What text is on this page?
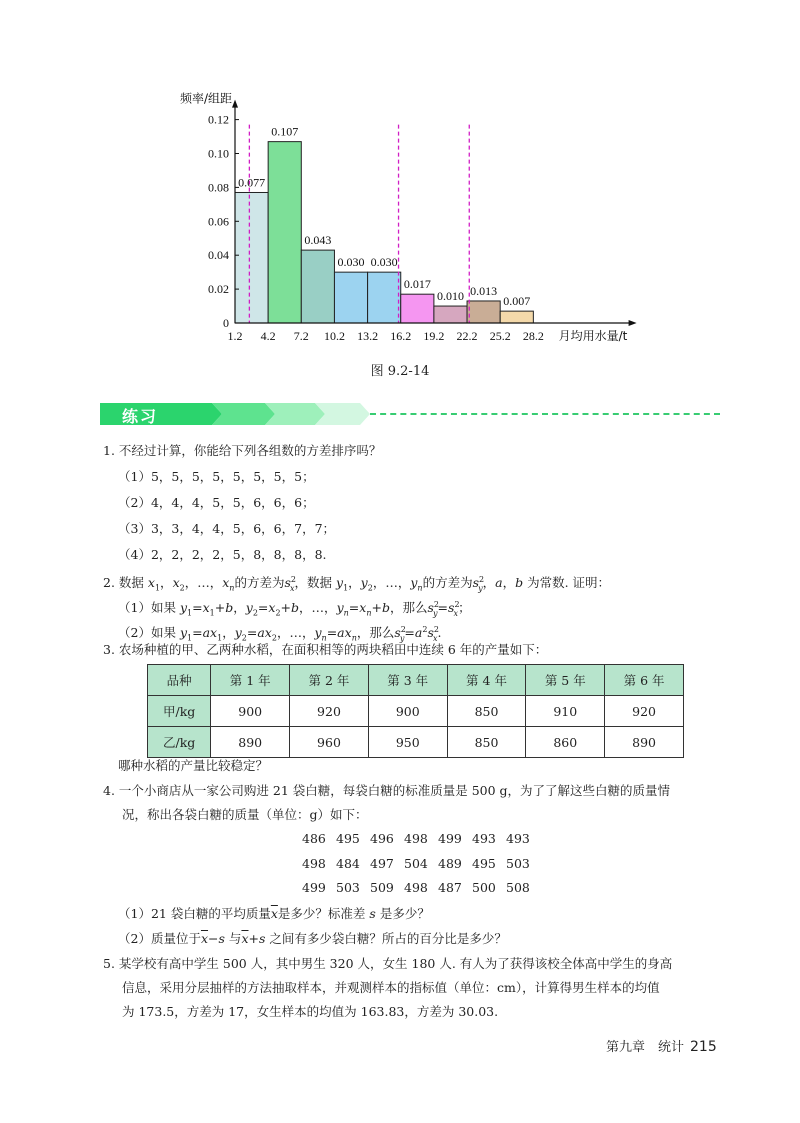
0.077
0.107
0.043
0.030 0.030
0.017
0.010 0.013
0.007
0
0.02
0.04
0.06
0.08
0.10
0.12
1.2 4.2 7.2 10.2 13.2 16.2 19.2 22.2 25.2 28.2
频率/组距
月均用水量/t
图 9.2-14
练习
1. 不经过计算，你能给下列各组数的方差排序吗？
（1）5，5，5，5，5，5，5，5；
（2）4，4，4，5，5，6，6，6；
（3）3，3，4，4，5，6，6，7，7；
（4）2，2，2，2，5，8，8，8，8.
2. 数据 $x_1$，$x_2$，…，$x_n$的方差为$s^2_x$，数据 $y_1$，$y_2$，…，$y_n$的方差为$s^2_y$，a，b 为常数. 证明：
（1）如果 $y_1=x_1+b$，$y_2=x_2+b$，…，$y_n=x_n+b$，那么$s^2_y=s^2_x$；
（2）如果 $y_1=ax_1$，$y_2=ax_2$，…，$y_n=ax_n$，那么$s^2_y=a^2s^2_x$.
3. 农场种植的甲、乙两种水稻，在面积相等的两块稻田中连续 6 年的产量如下：
品种	第 1 年	第 2 年	第 3 年	第 4 年	第 5 年	第 6 年
甲/kg	900	920	900	850	910	920
乙/kg	890	960	950	850	860	890
哪种水稻的产量比较稳定？
4. 一个小商店从一家公司购进 21 袋白糖，每袋白糖的标准质量是 500 g，为了了解这些白糖的质量情
况，称出各袋白糖的质量（单位：g）如下：
486 495 496 498 499 493 493
498 484 497 504 489 495 503
499 503 509 498 487 500 508
（1）21 袋白糖的平均质量$\overline{x}$是多少？标准差 s 是多少？
（2）质量位于$\overline{x}-s$ 与$\overline{x}+s$ 之间有多少袋白糖？所占的百分比是多少？
5. 某学校有高中学生 500 人，其中男生 320 人，女生 180 人. 有人为了获得该校全体高中学生的身高
信息，采用分层抽样的方法抽取样本，并观测样本的指标值（单位：cm），计算得男生样本的均值
为 173.5，方差为 17，女生样本的均值为 163.83，方差为 30.03.
第九章　统计 215
